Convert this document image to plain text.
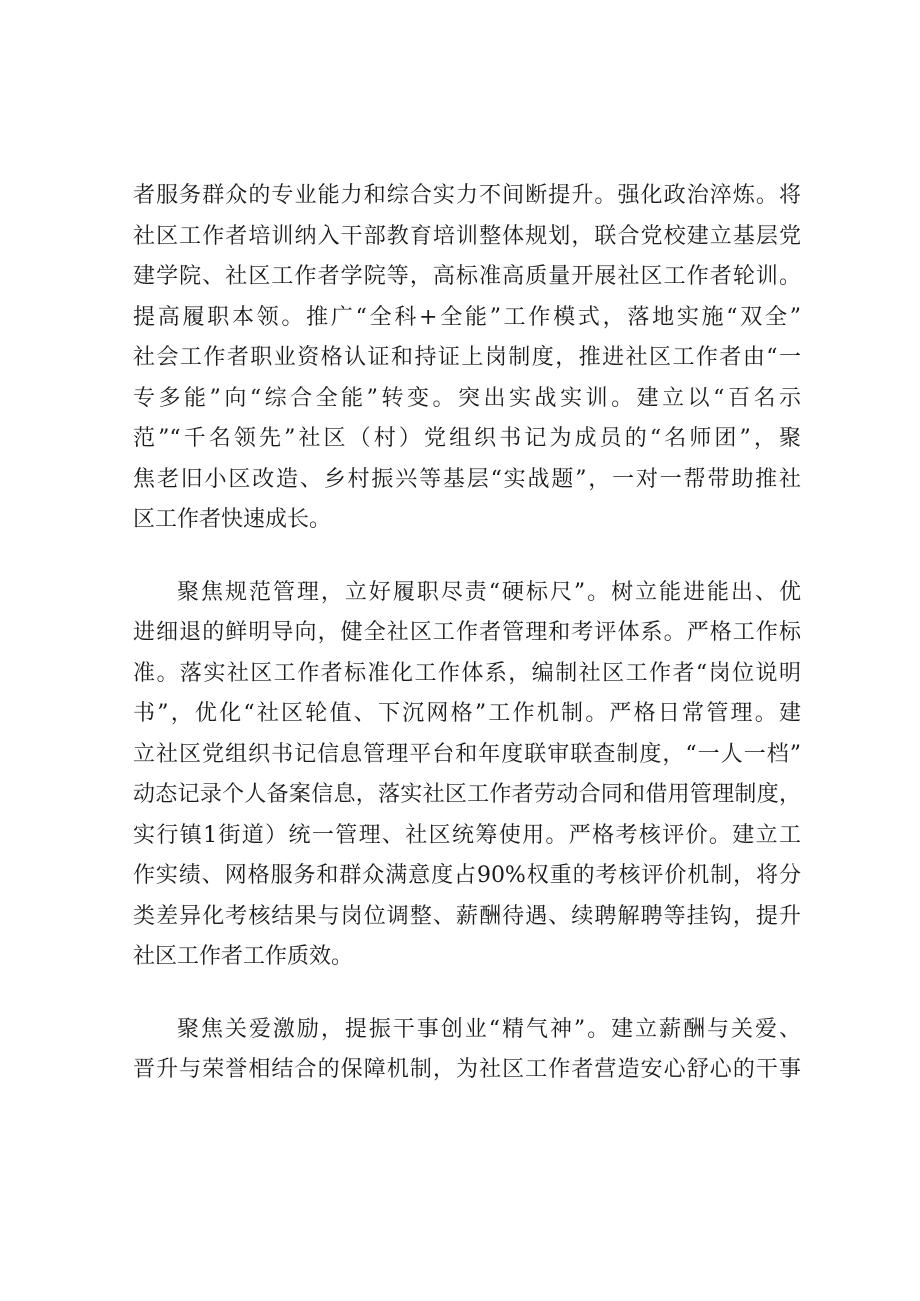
者服务群众的专业能力和综合实力不间断提升。强化政治淬炼。将
社区工作者培训纳入干部教育培训整体规划，联合党校建立基层党
建学院、社区工作者学院等，高标准高质量开展社区工作者轮训。
提高履职本领。推广“全科+全能”工作模式，落地实施“双全”
社会工作者职业资格认证和持证上岗制度，推进社区工作者由“一
专多能”向“综合全能”转变。突出实战实训。建立以“百名示
范”“千名领先”社区（村）党组织书记为成员的“名师团”，聚
焦老旧小区改造、乡村振兴等基层“实战题”，一对一帮带助推社
区工作者快速成长。
聚焦规范管理，立好履职尽责“硬标尺”。树立能进能出、优
进细退的鲜明导向，健全社区工作者管理和考评体系。严格工作标
准。落实社区工作者标准化工作体系，编制社区工作者“岗位说明
书”，优化“社区轮值、下沉网格”工作机制。严格日常管理。建
立社区党组织书记信息管理平台和年度联审联查制度，“一人一档”
动态记录个人备案信息，落实社区工作者劳动合同和借用管理制度，
实行镇1街道）统一管理、社区统筹使用。严格考核评价。建立工
作实绩、网格服务和群众满意度占90%权重的考核评价机制，将分
类差异化考核结果与岗位调整、薪酬待遇、续聘解聘等挂钩，提升
社区工作者工作质效。
聚焦关爱激励，提振干事创业“精气神”。建立薪酬与关爱、
晋升与荣誉相结合的保障机制，为社区工作者营造安心舒心的干事
